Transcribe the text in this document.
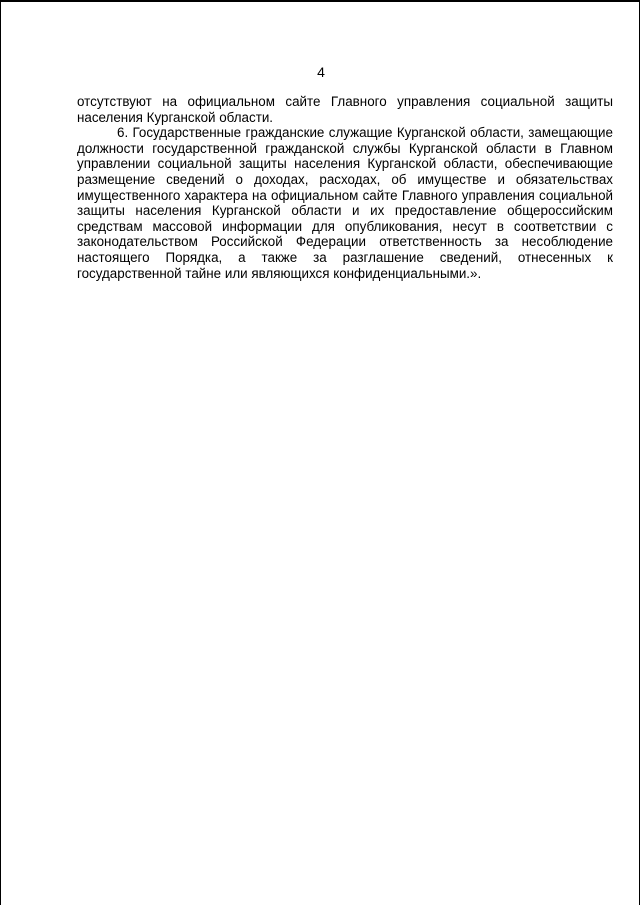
4

отсутствуют на официальном сайте Главного управления социальной защиты населения Курганской области.

6. Государственные гражданские служащие Курганской области, замещающие должности государственной гражданской службы Курганской области в Главном управлении социальной защиты населения Курганской области, обеспечивающие размещение сведений о доходах, расходах, об имуществе и обязательствах имущественного характера на официальном сайте Главного управления социальной защиты населения Курганской области и их предоставление общероссийским средствам массовой информации для опубликования, несут в соответствии с законодательством Российской Федерации ответственность за несоблюдение настоящего Порядка, а также за разглашение сведений, отнесенных к государственной тайне или являющихся конфиденциальными.».
